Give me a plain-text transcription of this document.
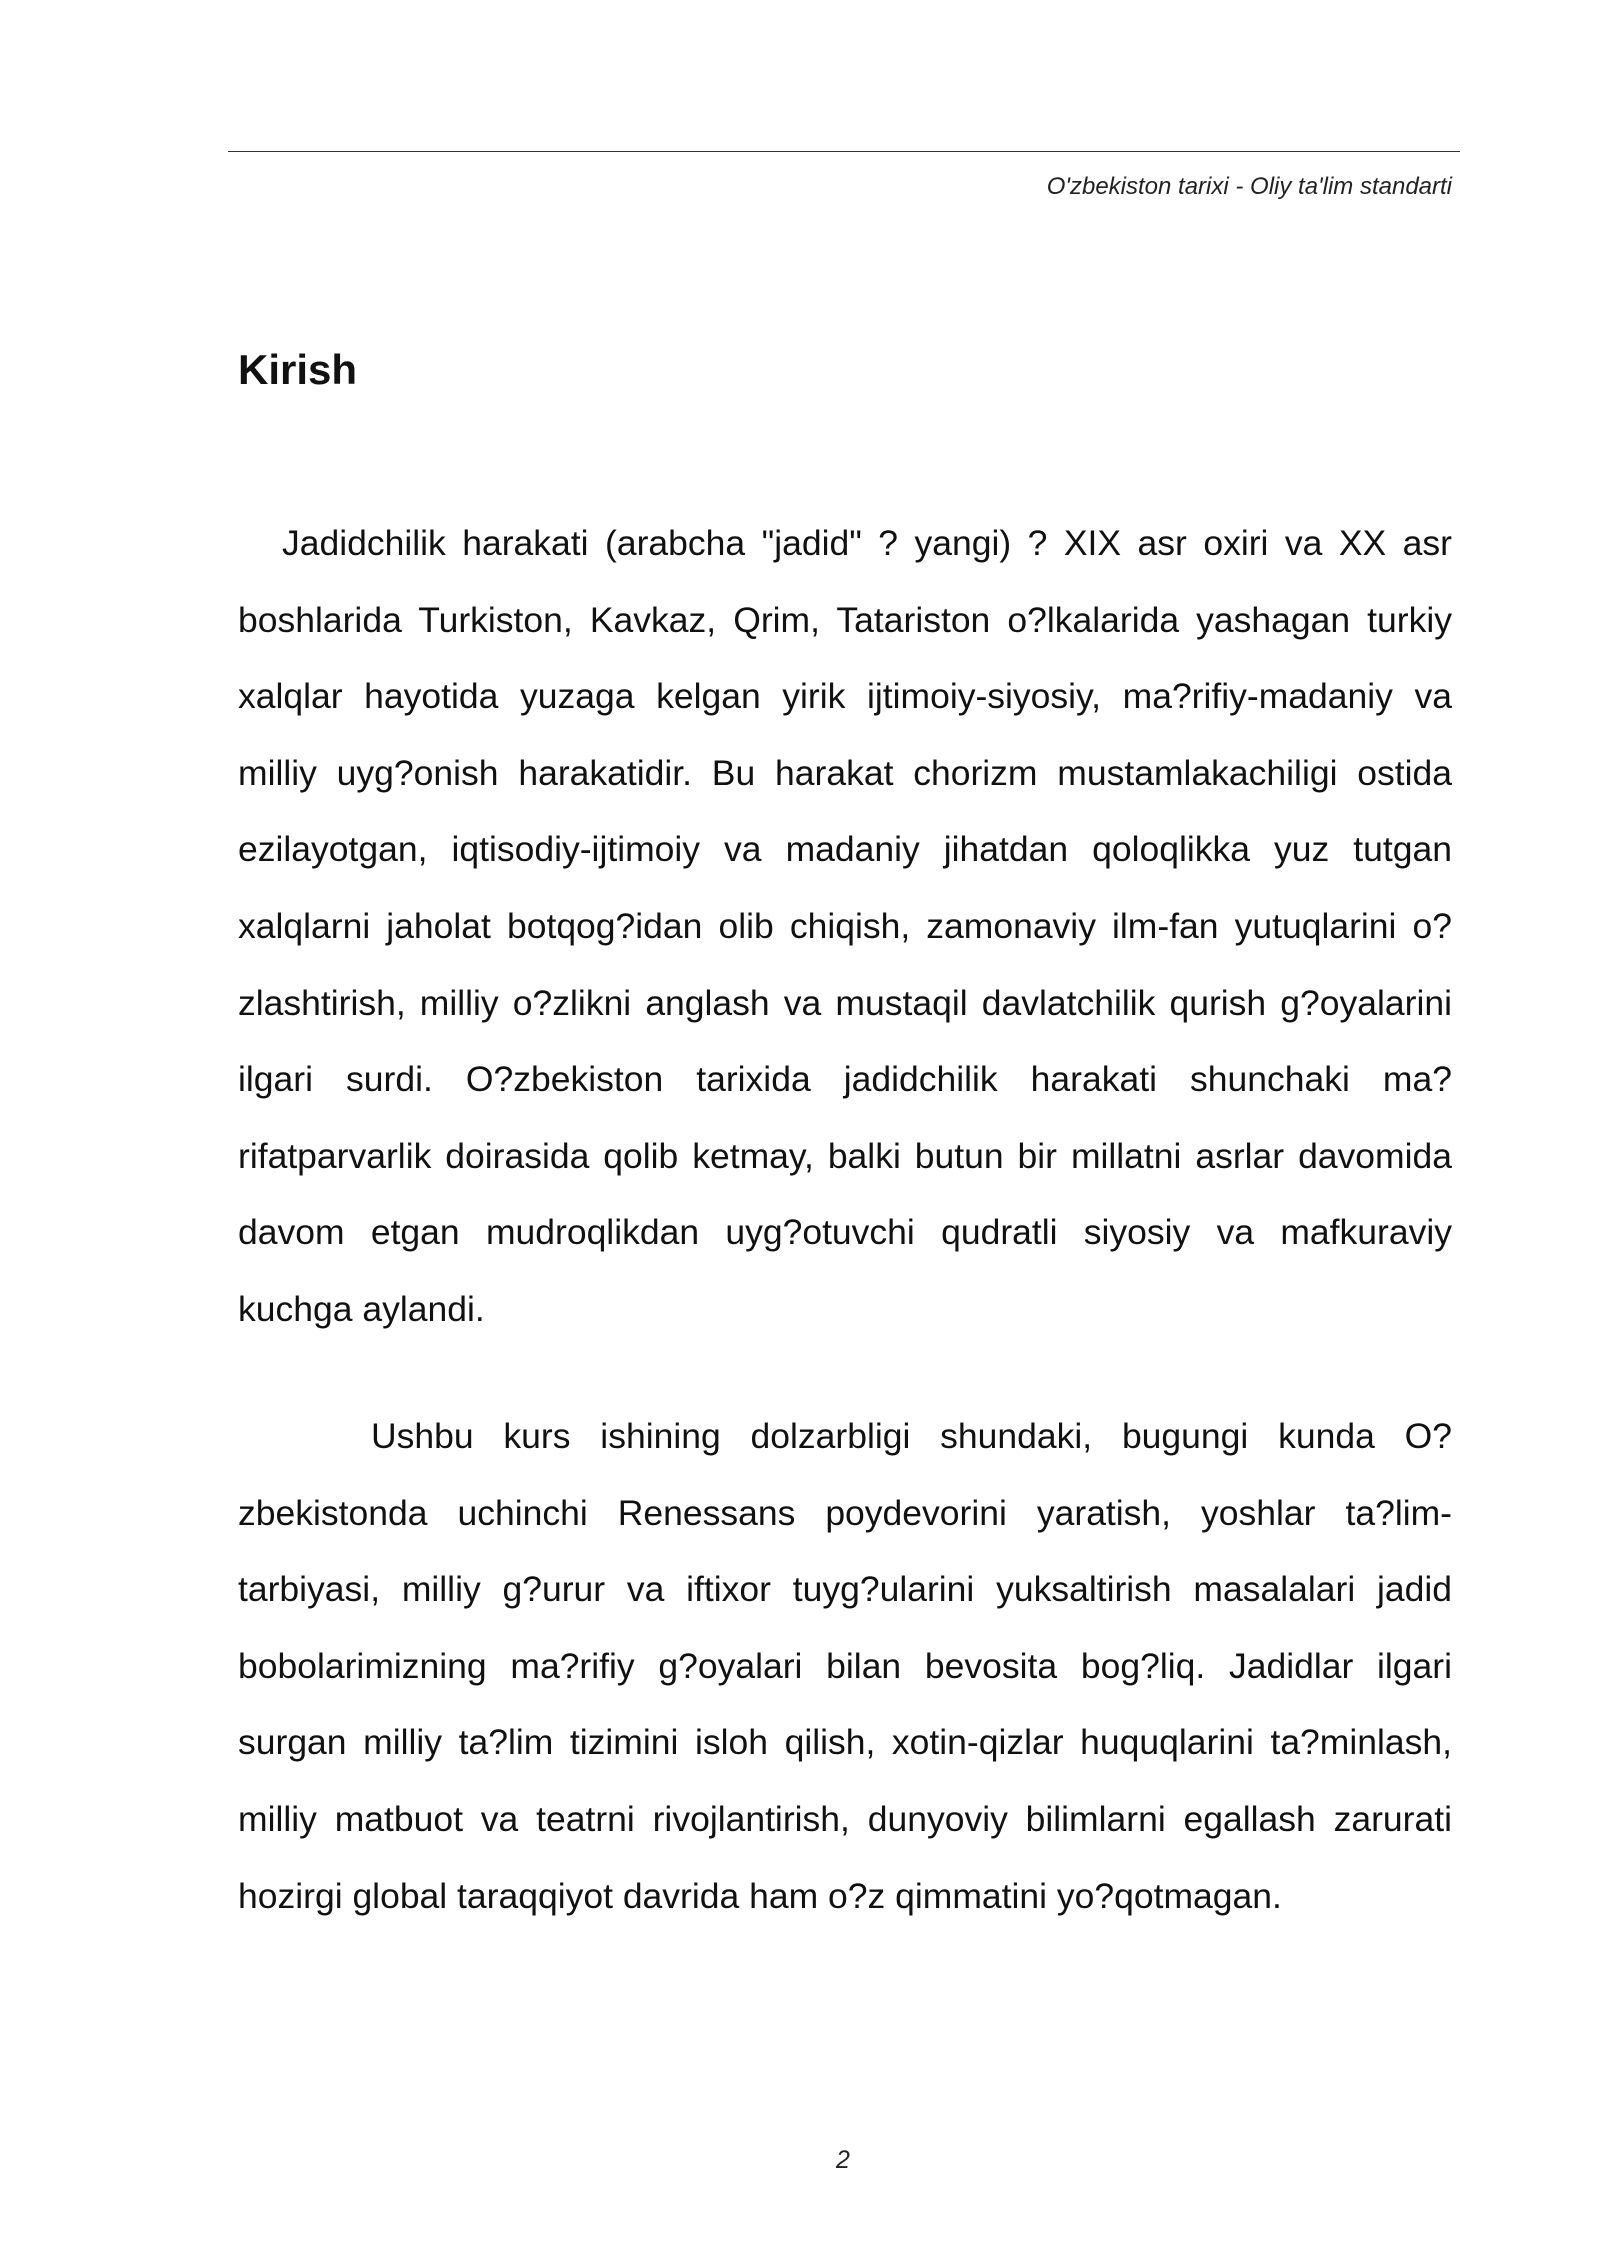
O'zbekiston tarixi - Oliy ta'lim standarti
Kirish

Jadidchilik harakati (arabcha "jadid" ? yangi) ? XIX asr oxiri va XX asr boshlarida Turkiston, Kavkaz, Qrim, Tatariston o?lkalarida yashagan turkiy xalqlar hayotida yuzaga kelgan yirik ijtimoiy-siyosiy, ma?rifiy-madaniy va milliy uyg?onish harakatidir. Bu harakat chorizm mustamlakachiligi ostida ezilayotgan, iqtisodiy-ijtimoiy va madaniy jihatdan qoloqlikka yuz tutgan xalqlarni jaholat botqog?idan olib chiqish, zamonaviy ilm-fan yutuqlarini o?zlashtirish, milliy o?zlikni anglash va mustaqil davlatchilik qurish g?oyalarini ilgari surdi. O?zbekiston tarixida jadidchilik harakati shunchaki ma?rifatparvarlik doirasida qolib ketmay, balki butun bir millatni asrlar davomida davom etgan mudroqlikdan uyg?otuvchi qudratli siyosiy va mafkuraviy kuchga aylandi.

Ushbu kurs ishining dolzarbligi shundaki, bugungi kunda O?zbekistonda uchinchi Renessans poydevorini yaratish, yoshlar ta?lim-tarbiyasi, milliy g?urur va iftixor tuyg?ularini yuksaltirish masalalari jadid bobolarimizning ma?rifiy g?oyalari bilan bevosita bog?liq. Jadidlar ilgari surgan milliy ta?lim tizimini isloh qilish, xotin-qizlar huquqlarini ta?minlash, milliy matbuot va teatrni rivojlantirish, dunyoviy bilimlarni egallash zarurati hozirgi global taraqqiyot davrida ham o?z qimmatini yo?qotmagan.

2
